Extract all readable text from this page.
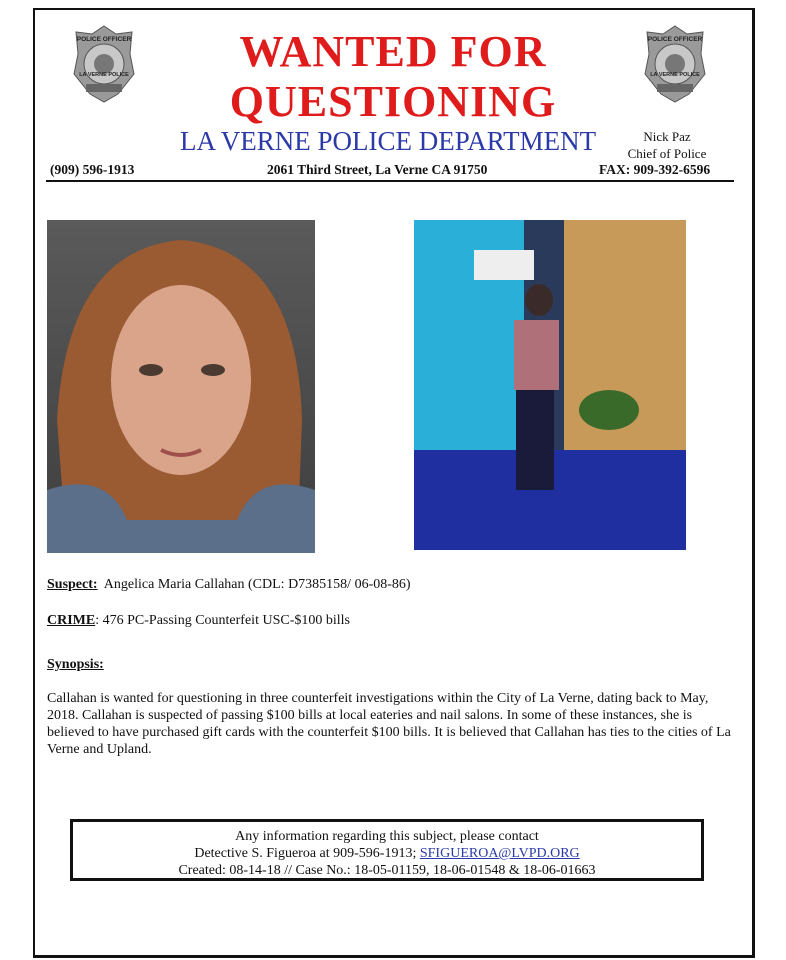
POLICE OFFICER
LA VERNE POLICE
POLICE OFFICER
LA VERNE POLICE
WANTED FOR
QUESTIONING
LA VERNE POLICE DEPARTMENT	Nick Paz
Chief of Police
(909) 596-1913	2061 Third Street, La Verne CA 91750	FAX: 909-392-6596
Suspect: Angelica Maria Callahan (CDL: D7385158/ 06-08-86)
CRIME: 476 PC-Passing Counterfeit USC-$100 bills
Synopsis:
Callahan is wanted for questioning in three counterfeit investigations within the City of La Verne, dating back to May, 2018. Callahan is suspected of passing $100 bills at local eateries and nail salons. In some of these instances, she is believed to have purchased gift cards with the counterfeit $100 bills. It is believed that Callahan has ties to the cities of La Verne and Upland.
Any information regarding this subject, please contact
Detective S. Figueroa at 909-596-1913; SFIGUEROA@LVPD.ORG
Created: 08-14-18 // Case No.: 18-05-01159, 18-06-01548 & 18-06-01663
